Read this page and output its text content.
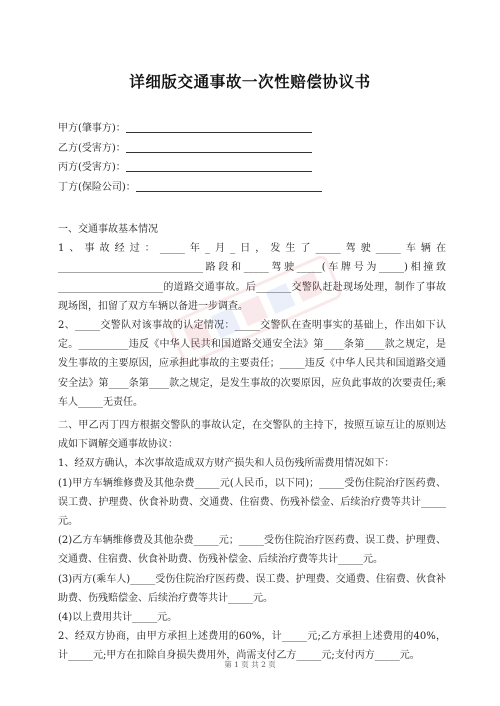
详细版交通事故一次性赔偿协议书
甲方(肇事方)：
乙方(受害方)：
丙方(受害方)：
丁方(保险公司)：

一、交通事故基本情况

1、事故经过：_____年_月_日，发生了_____驾驶_____车辆在_____________________________路段和_____驾驶_____(车牌号为_____)相撞致_____________________的道路交通事故。后_______交警队赶赴现场处理，制作了事故现场图，扣留了双方车辆以备进一步调查。

2、_____交警队对该事故的认定情况：_____交警队在查明事实的基础上，作出如下认定。__________违反《中华人民共和国道路交通安全法》第____条第____款之规定，是发生事故的主要原因，应承担此事故的主要责任；_____违反《中华人民共和国道路交通安全法》第____条第____款之规定，是发生事故的次要原因，应负此事故的次要责任;乘车人_____无责任。

二、甲乙丙丁四方根据交警队的事故认定，在交警队的主持下，按照互谅互让的原则达成如下调解交通事故协议：

1、经双方确认，本次事故造成双方财产损失和人员伤残所需费用情况如下：

(1)甲方车辆维修费及其他杂费_____元(人民币，以下同)；_____受伤住院治疗医药费、误工费、护理费、伙食补助费、交通费、住宿费、伤残补偿金、后续治疗费等共计_____元。

(2)乙方车辆维修费及其他杂费_____元；_____受伤住院治疗医药费、误工费、护理费、交通费、住宿费、伙食补助费、伤残补偿金、后续治疗费等共计_____元。

(3)丙方(乘车人)_____受伤住院治疗医药费、误工费、护理费、交通费、住宿费、伙食补助费、伤残赔偿金、后续治疗费等共计_____元。

(4)以上费用共计_____元。

2、经双方协商，由甲方承担上述费用的60%，计_____元;乙方承担上述费用的40%，计_____元;甲方在扣除自身损失费用外，尚需支付乙方_____元;支付丙方_____元。

第 1 页 共 2 页
